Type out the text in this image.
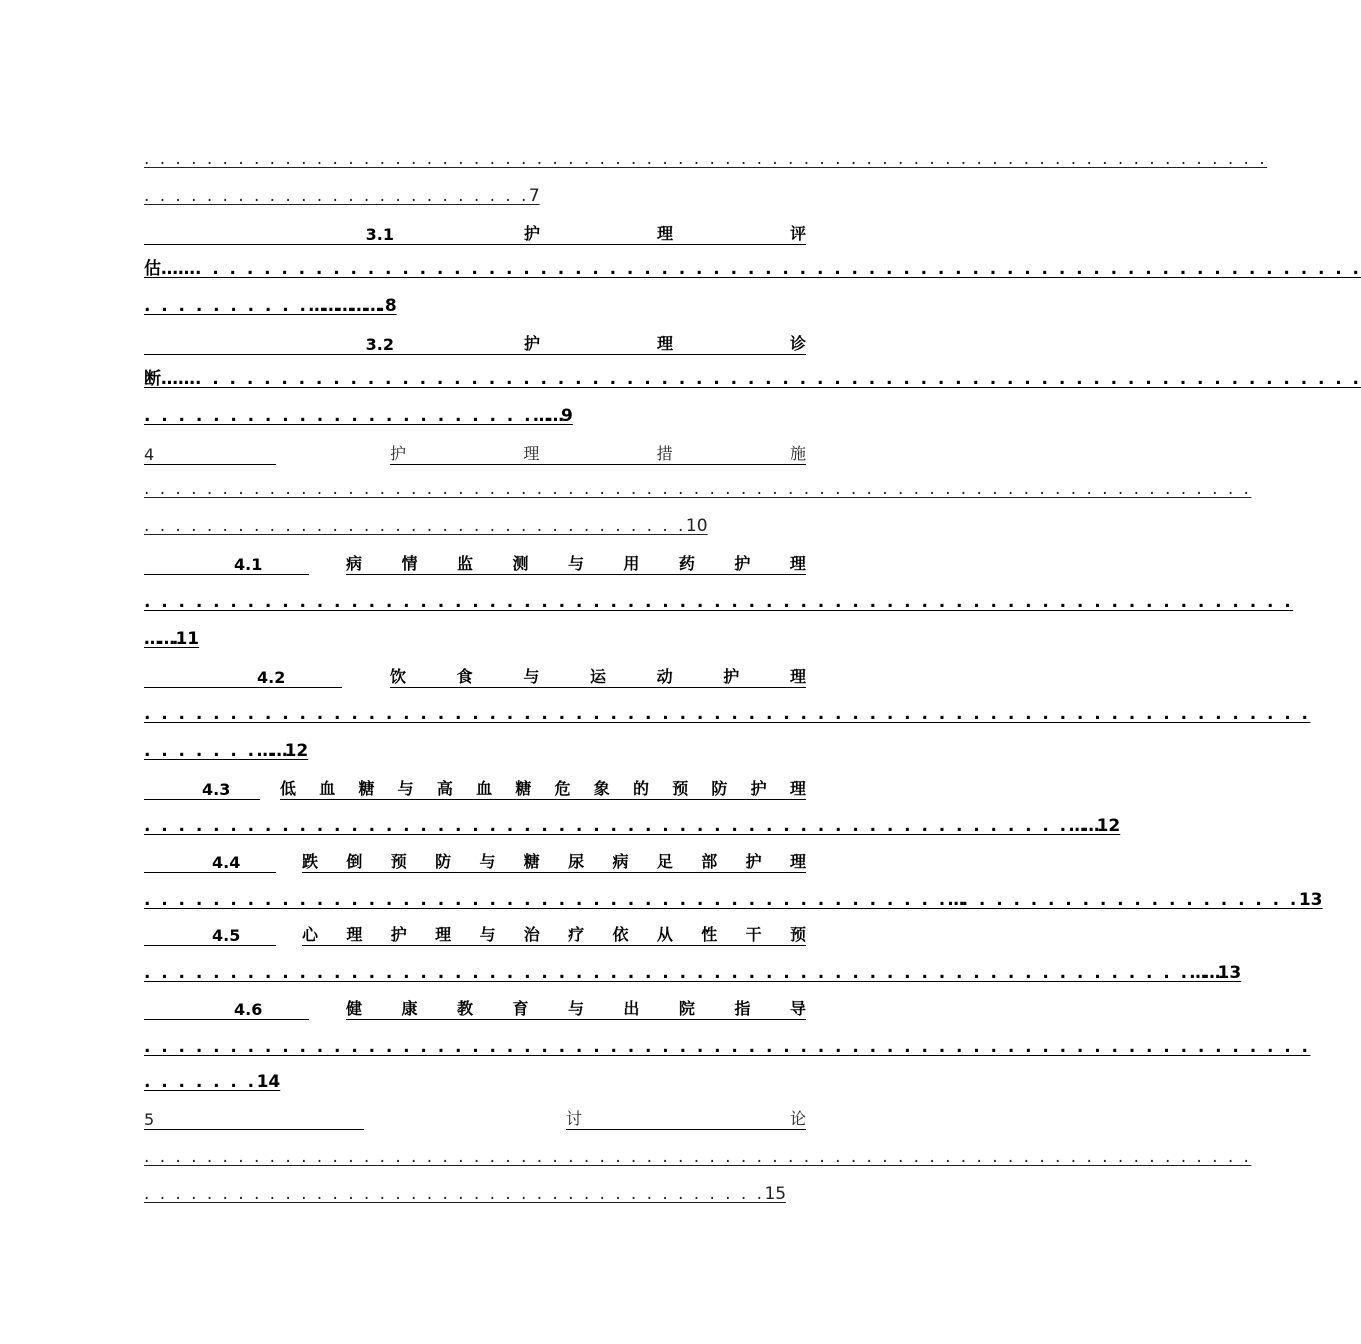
. . . . . . . . . . . . . . . . . . . . . . . . . . . . . . . . . . . . . . . . . . . . . . . . . . . . . . . . . . . . . . . . . . . . . . . .
. . . . . . . . . . . . . . . . . . . . . . . . .7
3.1	护	理	评
估……. . . . . . . . . . . . . . . . . . . . . . . . . . . . . . . . . . . . . . . . . . . . . . . . . . . . . . . . . . . . . . . . . . . .
. . . . . . . . . .…………….8
3.2	护	理	诊
断……. . . . . . . . . . . . . . . . . . . . . . . . . . . . . . . . . . . . . . . . . . . . . . . . . . . . . . . . . . . . . . . . . . . .
. . . . . . . . . . . . . . . . . . . . . . .……9
4	护	理	措	施
. . . . . . . . . . . . . . . . . . . . . . . . . . . . . . . . . . . . . . . . . . . . . . . . . . . . . . . . . . . . . . . . . . . . . . .
. . . . . . . . . . . . . . . . . . . . . . . . . . . . . . . . . . .10
4.1	病 情 监 测 与 用 药 护 理
. . . . . . . . . . . . . . . . . . . . . . . . . . . . . . . . . . . . . . . . . . . . . . . . . . . . . . . . . . . . . . . . . . .
…….11
4.2	饮	食	与	运	动	护	理
. . . . . . . . . . . . . . . . . . . . . . . . . . . . . . . . . . . . . . . . . . . . . . . . . . . . . . . . . . . . . . . . . . . .
. . . . . . .……12
4.3	低 血 糖 与 高 血 糖 危 象 的 预 防 护 理
. . . . . . . . . . . . . . . . . . . . . . . . . . . . . . . . . . . . . . . . . . . . . . . . . . . . . .……12
4.4	跌 倒 预 防 与 糖 尿 病 足 部 护 理
. . . . . . . . . . . . . . . . . . . . . . . . . . . . . . . . . . . . . . . . . . . . . . .…. . . . . . . . . . . . . . . . . . . .13
4.5	心 理 护 理 与 治 疗 依 从 性 干 预
. . . . . . . . . . . . . . . . . . . . . . . . . . . . . . . . . . . . . . . . . . . . . . . . . . . . . . . . . . . . .……13
4.6	健 康 教 育 与 出 院 指 导
. . . . . . . . . . . . . . . . . . . . . . . . . . . . . . . . . . . . . . . . . . . . . . . . . . . . . . . . . . . . . . . . . . . .
. . . . . . .14
5	讨	论
. . . . . . . . . . . . . . . . . . . . . . . . . . . . . . . . . . . . . . . . . . . . . . . . . . . . . . . . . . . . . . . . . . . . . . .
. . . . . . . . . . . . . . . . . . . . . . . . . . . . . . . . . . . . . . . .15
